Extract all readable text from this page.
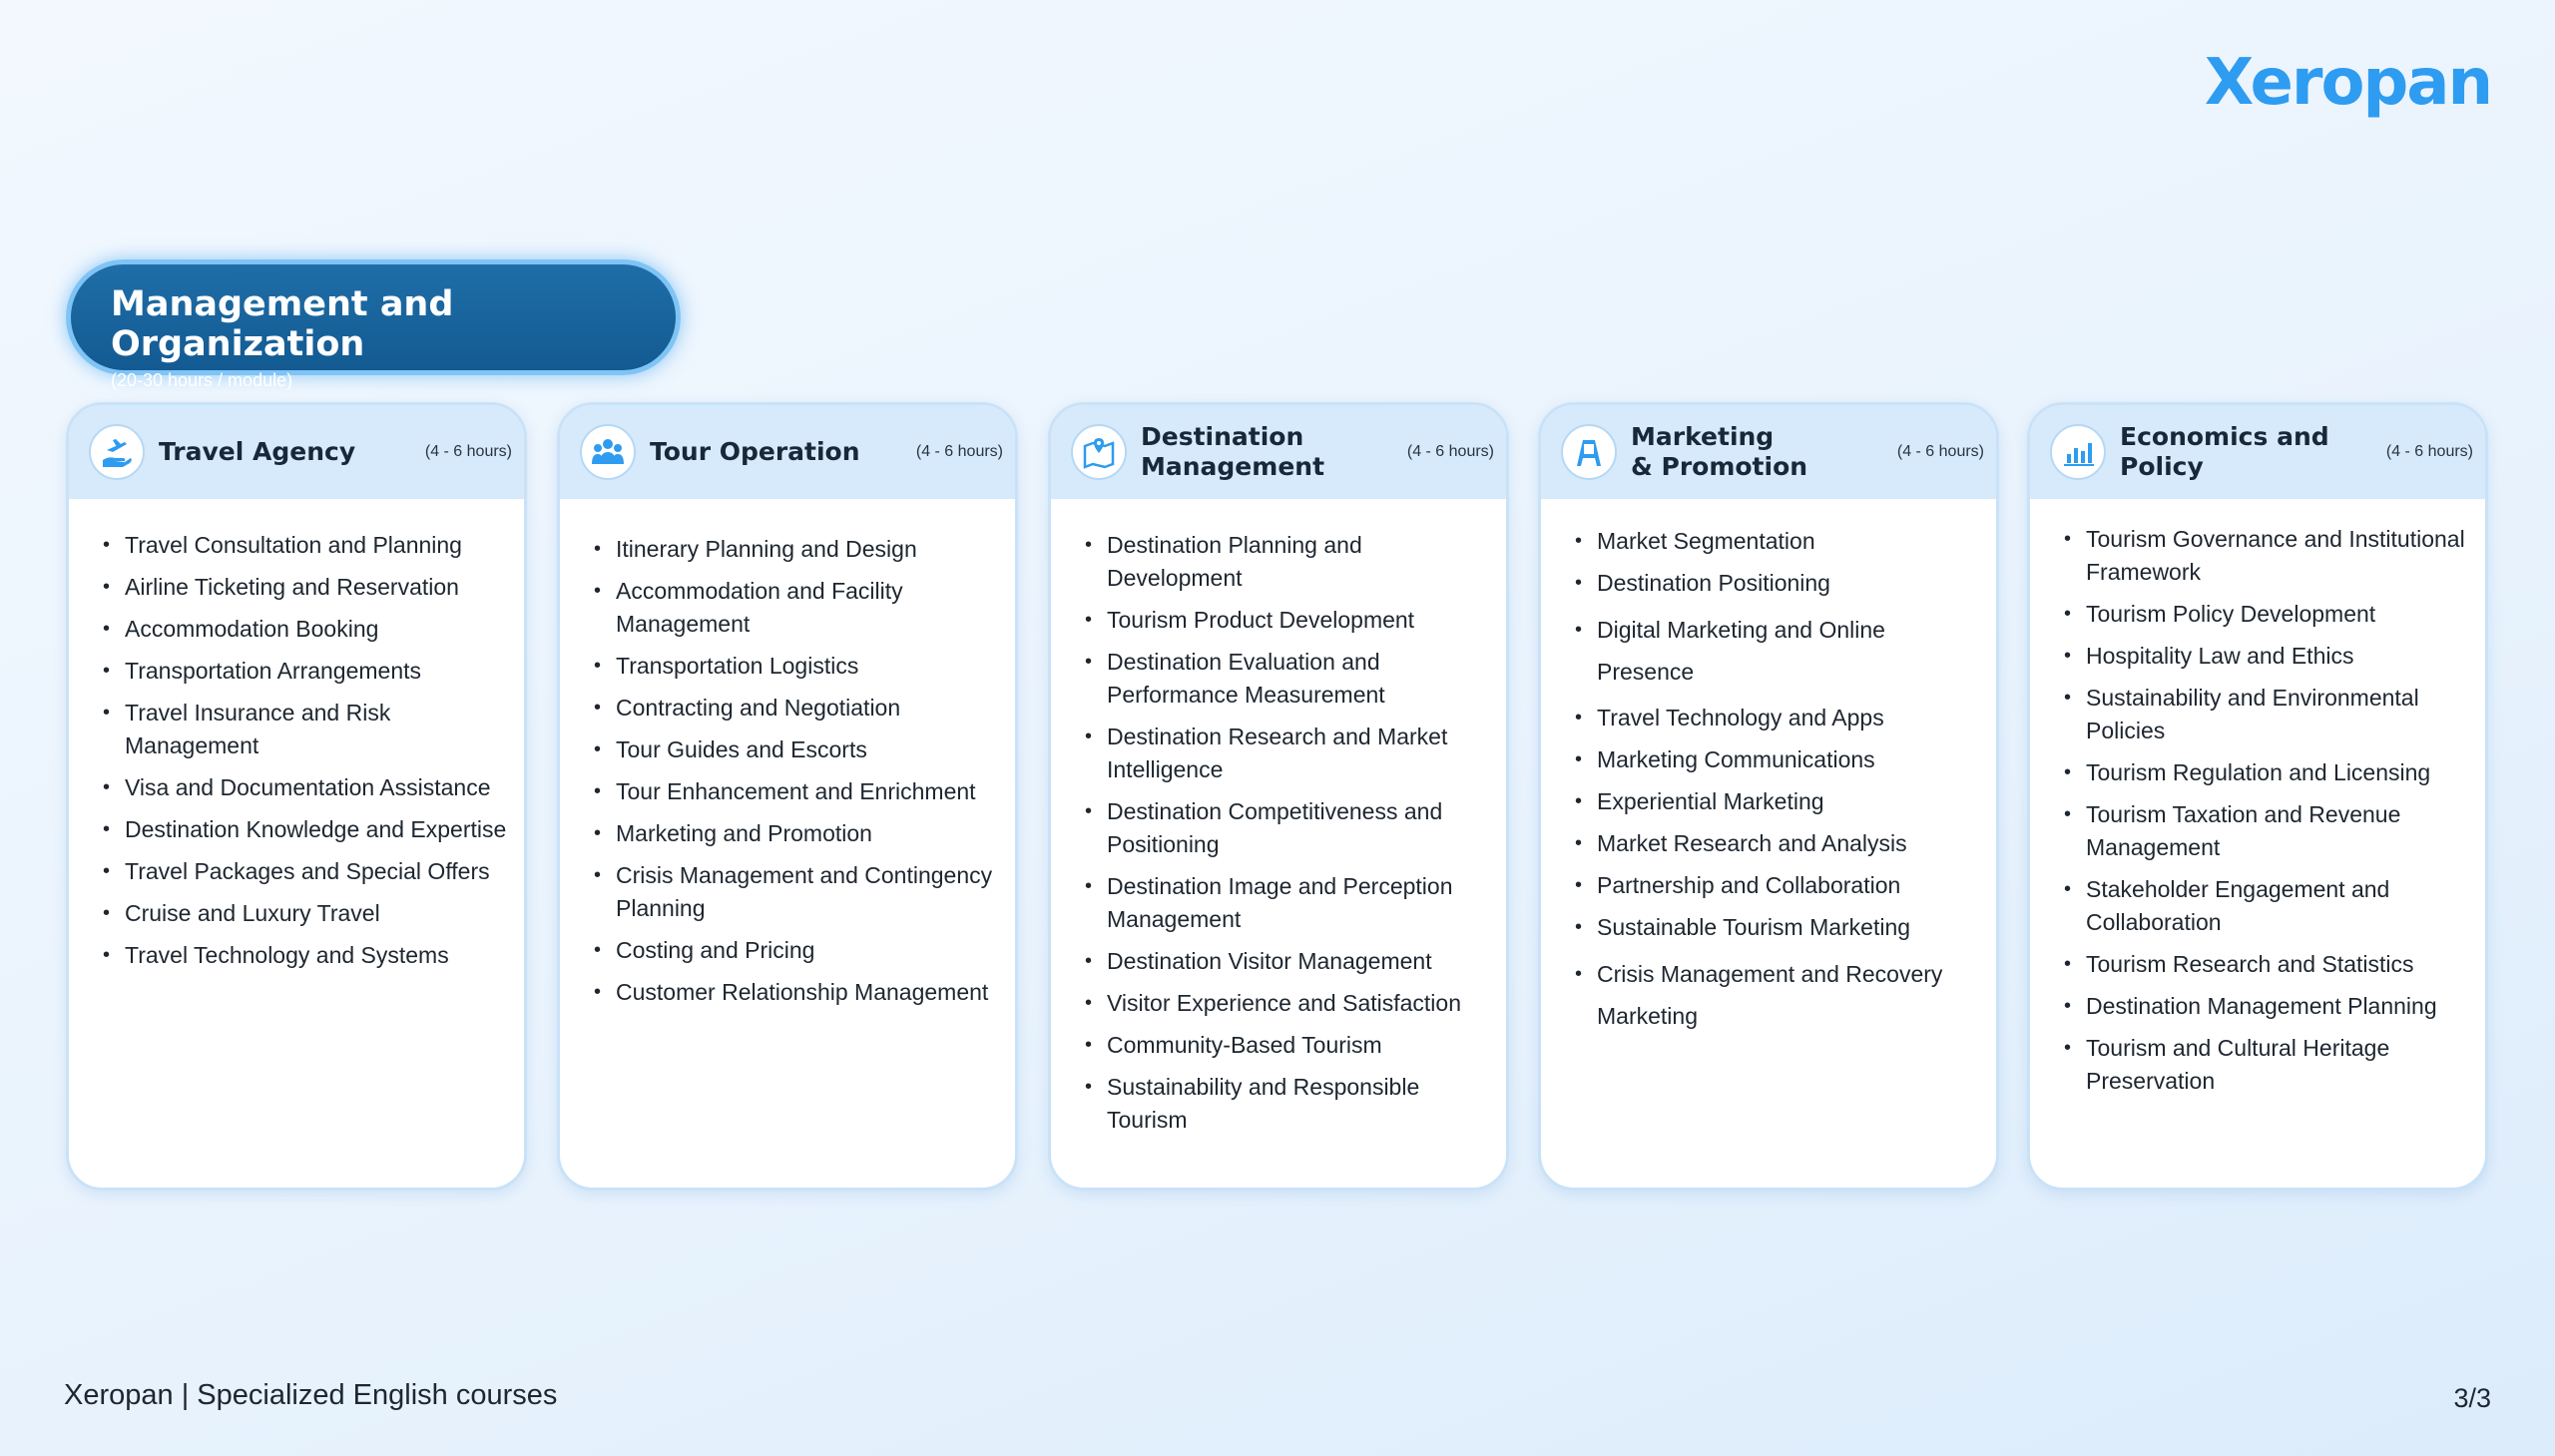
Xeropan
Management and Organization
(20-30 hours / module)
Travel Agency	(4 - 6 hours)
• Travel Consultation and Planning
• Airline Ticketing and Reservation
• Accommodation Booking
• Transportation Arrangements
• Travel Insurance and Risk Management
• Visa and Documentation Assistance
• Destination Knowledge and Expertise
• Travel Packages and Special Offers
• Cruise and Luxury Travel
• Travel Technology and Systems
Tour Operation	(4 - 6 hours)
• Itinerary Planning and Design
• Accommodation and Facility Management
• Transportation Logistics
• Contracting and Negotiation
• Tour Guides and Escorts
• Tour Enhancement and Enrichment
• Marketing and Promotion
• Crisis Management and Contingency Planning
• Costing and Pricing
• Customer Relationship Management
Destination
Management
(4 - 6 hours)
• Destination Planning and Development
• Tourism Product Development
• Destination Evaluation and Performance Measurement
• Destination Research and Market Intelligence
• Destination Competitiveness and Positioning
• Destination Image and Perception Management
• Destination Visitor Management
• Visitor Experience and Satisfaction
• Community-Based Tourism
• Sustainability and Responsible Tourism
Marketing
& Promotion
(4 - 6 hours)
• Market Segmentation
• Destination Positioning
• Digital Marketing and Online Presence
• Travel Technology and Apps
• Marketing Communications
• Experiential Marketing
• Market Research and Analysis
• Partnership and Collaboration
• Sustainable Tourism Marketing
• Crisis Management and Recovery Marketing
Economics and
Policy
(4 - 6 hours)
• Tourism Governance and Institutional Framework
• Tourism Policy Development
• Hospitality Law and Ethics
• Sustainability and Environmental Policies
• Tourism Regulation and Licensing
• Tourism Taxation and Revenue Management
• Stakeholder Engagement and Collaboration
• Tourism Research and Statistics
• Destination Management Planning
• Tourism and Cultural Heritage Preservation
Xeropan | Specialized English courses	3/3
